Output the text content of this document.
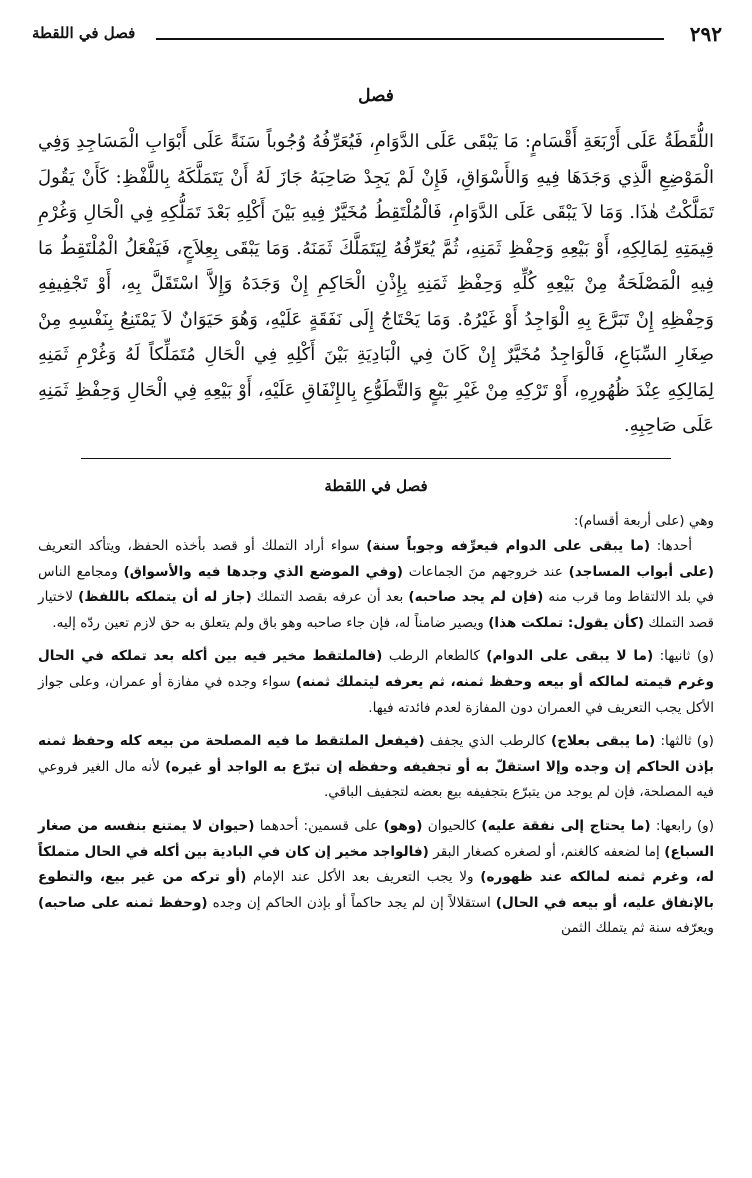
٢٩٢
فصل في اللقطة
فصل

اللُّقَطَةُ عَلَى أَرْبَعَةِ أَقْسَامٍ: مَا يَبْقَى عَلَى الدَّوَامِ، فَيُعَرِّفُهُ وُجُوباً سَنَةً عَلَى أَبْوَابِ الْمَسَاجِدِ وَفِي الْمَوْضِعِ الَّذِي وَجَدَهَا فِيهِ وَالأَسْوَاقِ، فَإِنْ لَمْ يَجِدْ صَاحِبَهُ جَازَ لَهُ أَنْ يَتَمَلَّكَهُ بِاللَّفْظِ: كَأَنْ يَقُولَ تَمَلَّكْتُ هٰذَا. وَمَا لاَ يَبْقَى عَلَى الدَّوَامِ، فَالْمُلْتَقِطُ مُخَيَّرٌ فِيهِ بَيْنَ أَكْلِهِ بَعْدَ تَمَلُّكِهِ فِي الْحَالِ وَغُرْمِ قِيمَتِهِ لِمَالِكِهِ، أَوْ بَيْعِهِ وَحِفْظِ ثَمَنِهِ، ثُمَّ يُعَرِّفُهُ لِيَتَمَلَّكَ ثَمَنَهُ. وَمَا يَبْقَى بِعِلاَجٍ، فَيَفْعَلُ الْمُلْتَقِطُ مَا فِيهِ الْمَصْلَحَةُ مِنْ بَيْعِهِ كُلِّهِ وَحِفْظِ ثَمَنِهِ بِإِذْنِ الْحَاكِمِ إِنْ وَجَدَهُ وَإِلاَّ اسْتَقَلَّ بِهِ، أَوْ تَجْفِيفِهِ وَحِفْظِهِ إِنْ تَبَرَّعَ بِهِ الْوَاجِدُ أَوْ غَيْرُهُ. وَمَا يَحْتَاجُ إِلَى نَفَقَةٍ عَلَيْهِ، وَهُوَ حَيَوَانٌ لاَ يَمْتَنِعُ بِنَفْسِهِ مِنْ صِغَارِ السِّبَاعِ، فَالْوَاجِدُ مُخَيَّرٌ إِنْ كَانَ فِي الْبَادِيَةِ بَيْنَ أَكْلِهِ فِي الْحَالِ مُتَمَلِّكاً لَهُ وَغُرْمِ ثَمَنِهِ لِمَالِكِهِ عِنْدَ ظُهُورِهِ، أَوْ تَرْكِهِ مِنْ غَيْرِ بَيْعٍ وَالتَّطَوُّعِ بِالإِنْفَاقِ عَلَيْهِ، أَوْ بَيْعِهِ فِي الْحَالِ وَحِفْظِ ثَمَنِهِ عَلَى صَاحِبِهِ.

فصل في اللقطة

وهي (على أربعة أقسام):

أحدها: (ما يبقى على الدوام فيعرِّفه وجوباً سنة) سواء أراد التملك أو قصد بأخذه الحفظ، ويتأكد التعريف (على أبواب المساجد) عند خروجهم منَ الجماعات (وفي الموضع الذي وجدها فيه والأسواق) ومجامع الناس في بلد الالتقاط وما قرب منه (فإن لم يجد صاحبه) بعد أن عرفه بقصد التملك (جاز له أن يتملكه باللفظ) لاختيار قصد التملك (كأن يقول: تملكت هذا) ويصير ضامناً له، فإن جاء صاحبه وهو باق ولم يتعلق به حق لازم تعين ردّه إليه.

(و) ثانيها: (ما لا يبقى على الدوام) كالطعام الرطب (فالملتقط مخير فيه بين أكله بعد تملكه في الحال وغرم قيمته لمالكه أو بيعه وحفظ ثمنه، ثم يعرفه ليتملك ثمنه) سواء وجده في مفازة أو عمران، وعلى جواز الأكل يجب التعريف في العمران دون المفازة لعدم فائدته فيها.

(و) ثالثها: (ما يبقى بعلاج) كالرطب الذي يجفف (فيفعل الملتقط ما فيه المصلحة من بيعه كله وحفظ ثمنه بإذن الحاكم إن وجده وإلا استقلّ به أو تجفيفه وحفظه إن تبرّع به الواجد أو غيره) لأنه مال الغير فروعي فيه المصلحة، فإن لم يوجد من يتبرّع بتجفيفه بيع بعضه لتجفيف الباقي.

(و) رابعها: (ما يحتاج إلى نفقة عليه) كالحيوان (وهو) على قسمين: أحدهما (حيوان لا يمتنع بنفسه من صغار السباع) إما لضعفه كالغنم، أو لصغره كصغار البقر (فالواجد مخير إن كان في البادية بين أكله في الحال متملكاً له، وغرم ثمنه لمالكه عند ظهوره) ولا يجب التعريف بعد الأكل عند الإمام (أو تركه من غير بيع، والتطوع بالإنفاق عليه، أو بيعه في الحال) استقلالاً إن لم يجد حاكماً أو بإذن الحاكم إن وجده (وحفظ ثمنه على صاحبه) ويعرّفه سنة ثم يتملك الثمن
